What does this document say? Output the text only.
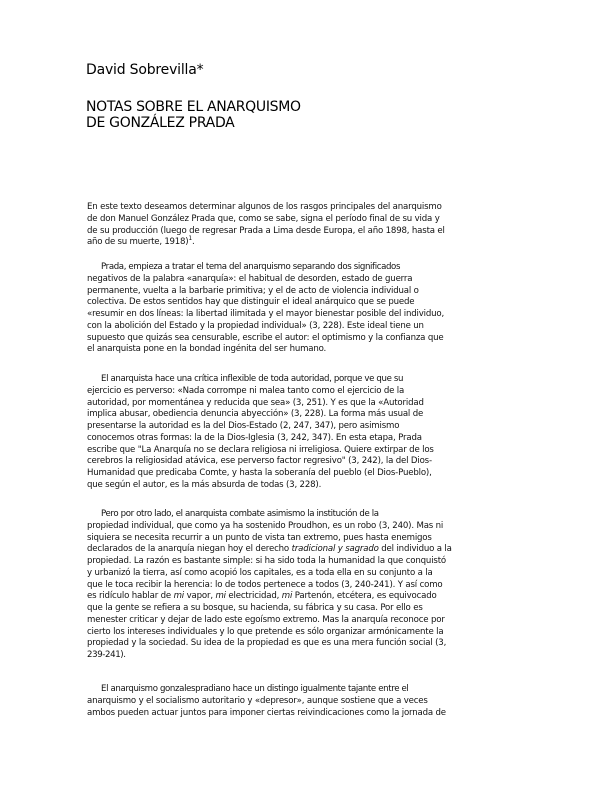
David Sobrevilla*
NOTAS SOBRE EL ANARQUISMO
DE GONZÁLEZ PRADA
En este texto deseamos determinar algunos de los rasgos principales del anarquismo
de don Manuel González Prada que, como se sabe, signa el período final de su vida y
de su producción (luego de regresar Prada a Lima desde Europa, el año 1898, hasta el
año de su muerte, 1918)$^1$.
Prada, empieza a tratar el tema del anarquismo separando dos significados
negativos de la palabra «anarquía»: el habitual de desorden, estado de guerra
permanente, vuelta a la barbarie primitiva; y el de acto de violencia individual o
colectiva. De estos sentidos hay que distinguir el ideal anárquico que se puede
«resumir en dos líneas: la libertad ilimitada y el mayor bienestar posible del individuo,
con la abolición del Estado y la propiedad individual» (3, 228). Este ideal tiene un
supuesto que quizás sea censurable, escribe el autor: el optimismo y la confianza que
el anarquista pone en la bondad ingénita del ser humano.
El anarquista hace una crítica inflexible de toda autoridad, porque ve que su
ejercicio es perverso: «Nada corrompe ni malea tanto como el ejercicio de la
autoridad, por momentánea y reducida que sea» (3, 251). Y es que la «Autoridad
implica abusar, obediencia denuncia abyección» (3, 228). La forma más usual de
presentarse la autoridad es la del Dios-Estado (2, 247, 347), pero asimismo
conocemos otras formas: la de la Dios-Iglesia (3, 242, 347). En esta etapa, Prada
escribe que "La Anarquía no se declara religiosa ni irreligiosa. Quiere extirpar de los
cerebros la religiosidad atávica, ese perverso factor regresivo" (3, 242), la del Dios-
Humanidad que predicaba Comte, y hasta la soberanía del pueblo (el Dios-Pueblo),
que según el autor, es la más absurda de todas (3, 228).
Pero por otro lado, el anarquista combate asimismo la institución de la
propiedad individual, que como ya ha sostenido Proudhon, es un robo (3, 240). Mas ni
siquiera se necesita recurrir a un punto de vista tan extremo, pues hasta enemigos
declarados de la anarquía niegan hoy el derecho tradicional y sagrado del individuo a la
propiedad. La razón es bastante simple: si ha sido toda la humanidad la que conquistó
y urbanizó la tierra, así como acopió los capitales, es a toda ella en su conjunto a la
que le toca recibir la herencia: lo de todos pertenece a todos (3, 240-241). Y así como
es ridículo hablar de mi vapor, mi electricidad, mi Partenón, etcétera, es equivocado
que la gente se refiera a su bosque, su hacienda, su fábrica y su casa. Por ello es
menester criticar y dejar de lado este egoísmo extremo. Mas la anarquía reconoce por
cierto los intereses individuales y lo que pretende es sólo organizar armónicamente la
propiedad y la sociedad. Su idea de la propiedad es que es una mera función social (3,
239-241).
El anarquismo gonzalespradiano hace un distingo igualmente tajante entre el
anarquismo y el socialismo autoritario y «depresor», aunque sostiene que a veces
ambos pueden actuar juntos para imponer ciertas reivindicaciones como la jornada de
